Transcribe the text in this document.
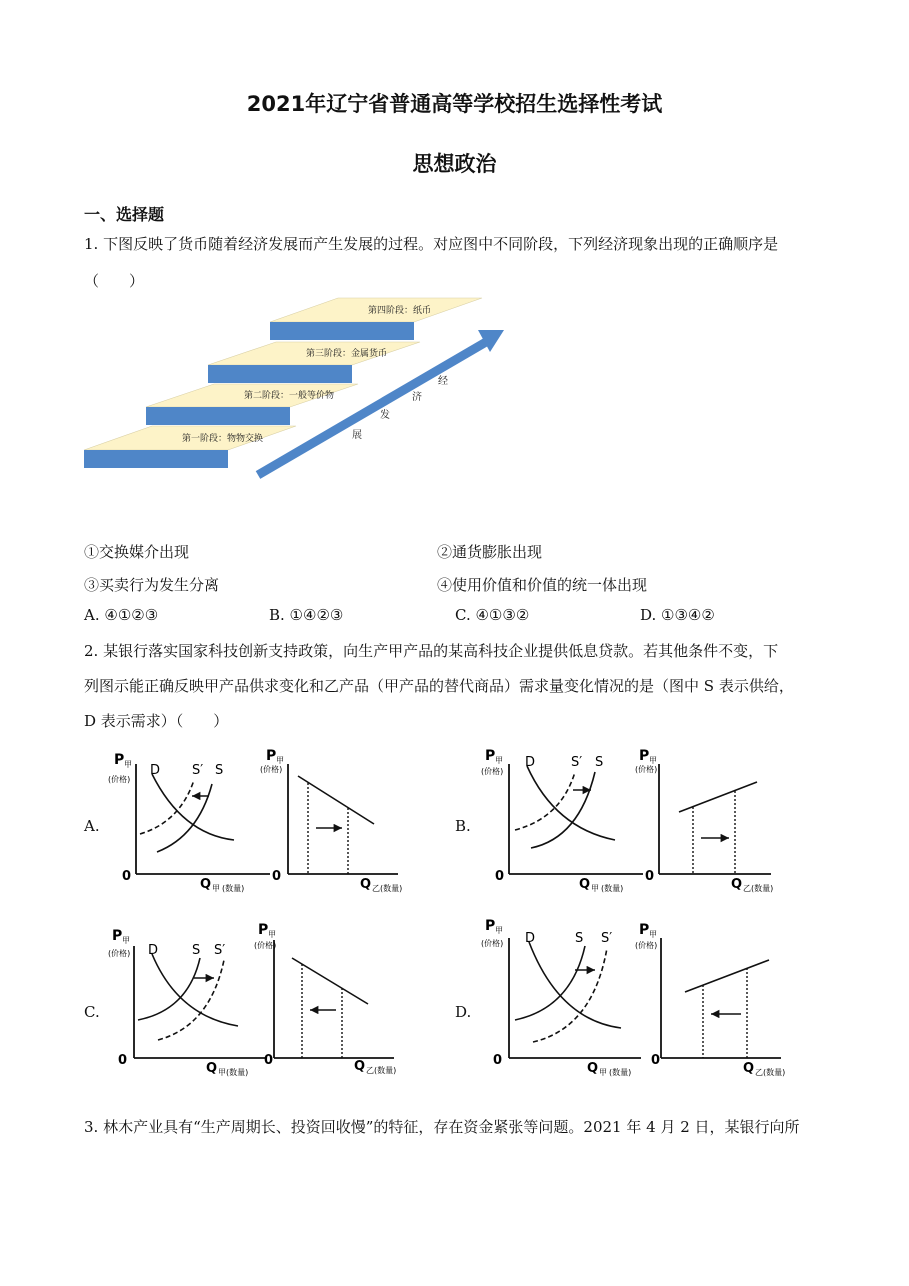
2021年辽宁省普通高等学校招生选择性考试
思想政治
一、选择题
1. 下图反映了货币随着经济发展而产生发展的过程。对应图中不同阶段，下列经济现象出现的正确顺序是
（　　）
第一阶段：物物交换
第二阶段：一般等价物
第三阶段：金属货币
第四阶段：纸币
经
济
发
展
①交换媒介出现	②通货膨胀出现
③买卖行为发生分离	④使用价值和价值的统一体出现
A. ④①②③	B. ①④②③	C. ④①③②	D. ①③④②
2. 某银行落实国家科技创新支持政策，向生产甲产品的某高科技企业提供低息贷款。若其他条件不变，下
列图示能正确反映甲产品供求变化和乙产品（甲产品的替代商品）需求量变化情况的是（图中 S 表示供给，
D 表示需求）（　　）
A.	B.
C.	D.
P 甲
(价格)
0
Q 甲 (数量)
D S′ S
P 甲
(价格)
0
Q 乙 (数量)
P 甲
(价格)
0
Q 甲 (数量)
D	S′ S	P 甲
(价格)
0
Q 乙 (数量)
P 甲
(价格)
0
Q 甲 (数量)
D	S S′
P 甲
(价格)
0	Q 乙 (数量)
P 甲
(价格)
0
Q 甲 (数量)
D	S S′
P 甲
(价格)
0
Q 乙 (数量)
3. 林木产业具有“生产周期长、投资回收慢”的特征，存在资金紧张等问题。2021 年 4 月 2 日，某银行向所
